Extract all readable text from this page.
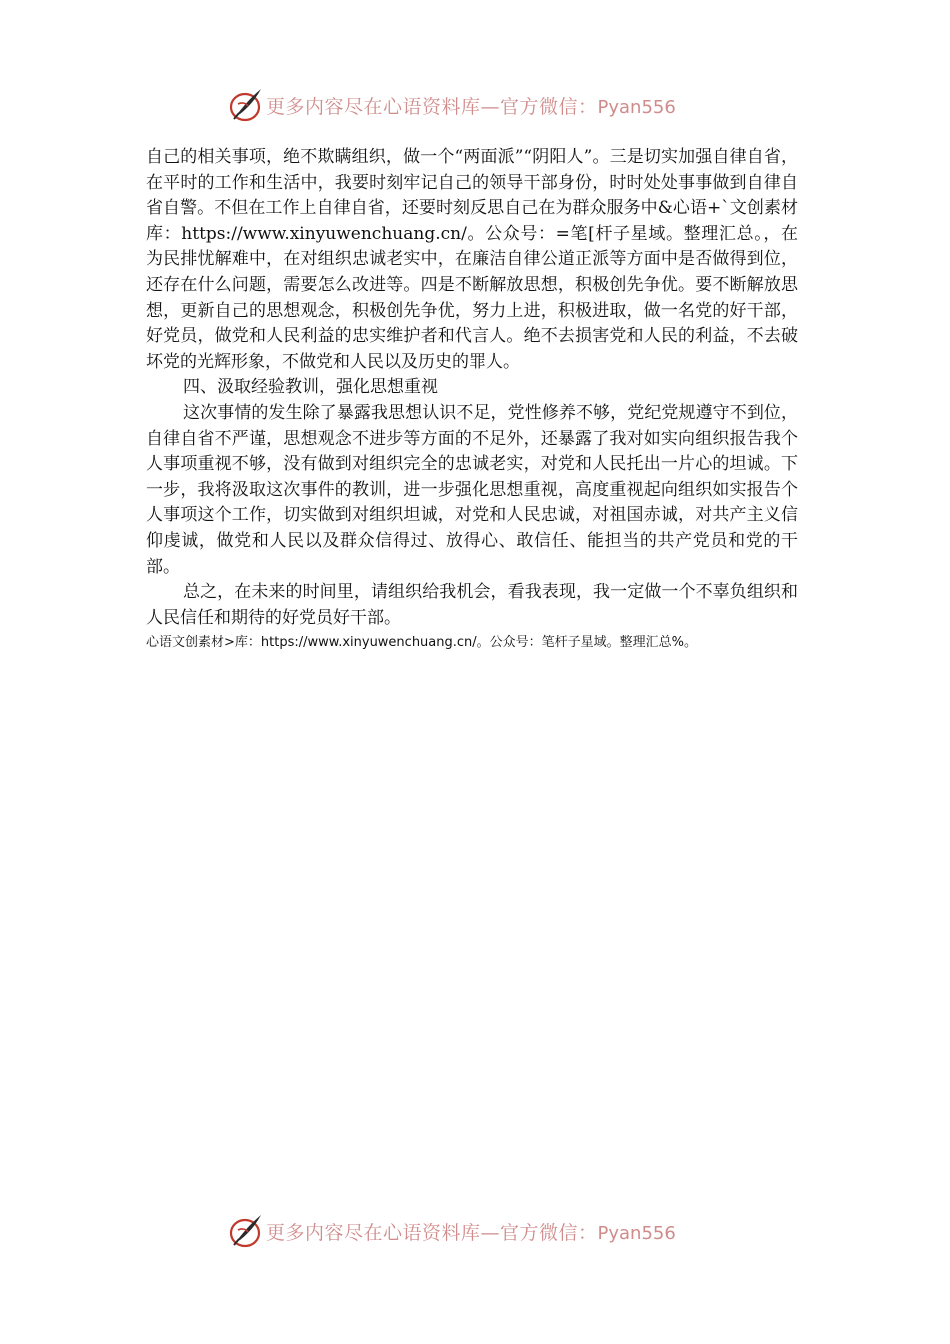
更多内容尽在心语资料库—官方微信：Pyan556

自己的相关事项，绝不欺瞒组织，做一个“两面派”“阴阳人”。三是切实加强自律自省，在平时的工作和生活中，我要时刻牢记自己的领导干部身份，时时处处事事做到自律自省自警。不但在工作上自律自省，还要时刻反思自己在为群众服务中&心语+`文创素材库：https://www.xinyuwenchuang.cn/。公众号：=笔[杆子星域。整理汇总。，在为民排忧解难中，在对组织忠诚老实中，在廉洁自律公道正派等方面中是否做得到位，还存在什么问题，需要怎么改进等。四是不断解放思想，积极创先争优。要不断解放思想，更新自己的思想观念，积极创先争优，努力上进，积极进取，做一名党的好干部，好党员，做党和人民利益的忠实维护者和代言人。绝不去损害党和人民的利益，不去破坏党的光辉形象，不做党和人民以及历史的罪人。

四、汲取经验教训，强化思想重视

这次事情的发生除了暴露我思想认识不足，党性修养不够，党纪党规遵守不到位，自律自省不严谨，思想观念不进步等方面的不足外，还暴露了我对如实向组织报告我个人事项重视不够，没有做到对组织完全的忠诚老实，对党和人民托出一片心的坦诚。下一步，我将汲取这次事件的教训，进一步强化思想重视，高度重视起向组织如实报告个人事项这个工作，切实做到对组织坦诚，对党和人民忠诚，对祖国赤诚，对共产主义信仰虔诚，做党和人民以及群众信得过、放得心、敢信任、能担当的共产党员和党的干部。

总之，在未来的时间里，请组织给我机会，看我表现，我一定做一个不辜负组织和人民信任和期待的好党员好干部。

心语文创素材>库：https://www.xinyuwenchuang.cn/。公众号：笔杆子星域。整理汇总%。

更多内容尽在心语资料库—官方微信：Pyan556
